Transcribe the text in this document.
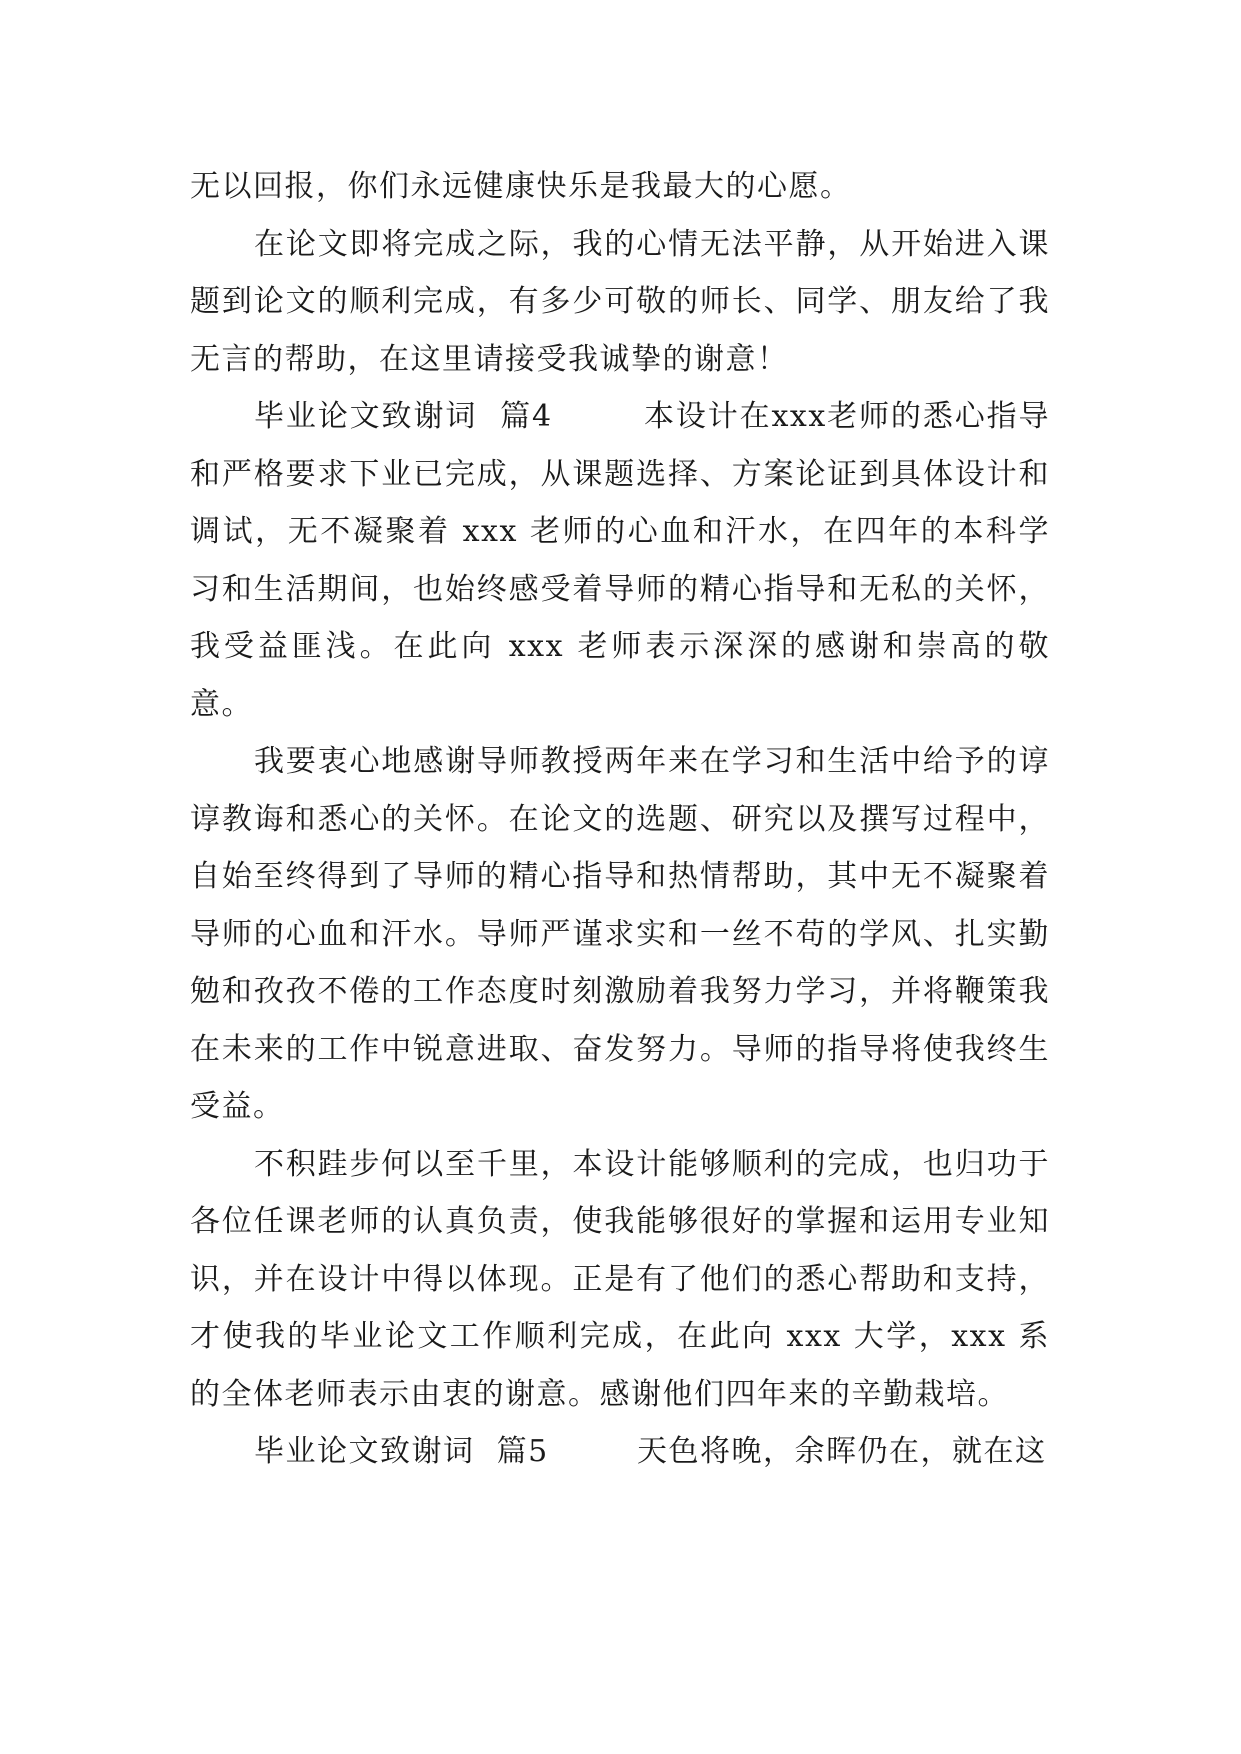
无以回报，你们永远健康快乐是我最大的心愿。

在论文即将完成之际，我的心情无法平静，从开始进入课题到论文的顺利完成，有多少可敬的师长、同学、朋友给了我无言的帮助，在这里请接受我诚挚的谢意！

毕业论文致谢词  篇4        本设计在xxx老师的悉心指导和严格要求下业已完成，从课题选择、方案论证到具体设计和调试，无不凝聚着 xxx 老师的心血和汗水，在四年的本科学习和生活期间，也始终感受着导师的精心指导和无私的关怀，我受益匪浅。在此向 xxx 老师表示深深的感谢和崇高的敬意。

我要衷心地感谢导师教授两年来在学习和生活中给予的谆谆教诲和悉心的关怀。在论文的选题、研究以及撰写过程中，自始至终得到了导师的精心指导和热情帮助，其中无不凝聚着导师的心血和汗水。导师严谨求实和一丝不苟的学风、扎实勤勉和孜孜不倦的工作态度时刻激励着我努力学习，并将鞭策我在未来的工作中锐意进取、奋发努力。导师的指导将使我终生受益。

不积跬步何以至千里，本设计能够顺利的完成，也归功于各位任课老师的认真负责，使我能够很好的掌握和运用专业知识，并在设计中得以体现。正是有了他们的悉心帮助和支持，才使我的毕业论文工作顺利完成，在此向 xxx 大学，xxx 系的全体老师表示由衷的谢意。感谢他们四年来的辛勤栽培。

毕业论文致谢词  篇5        天色将晚，余晖仍在，就在这
